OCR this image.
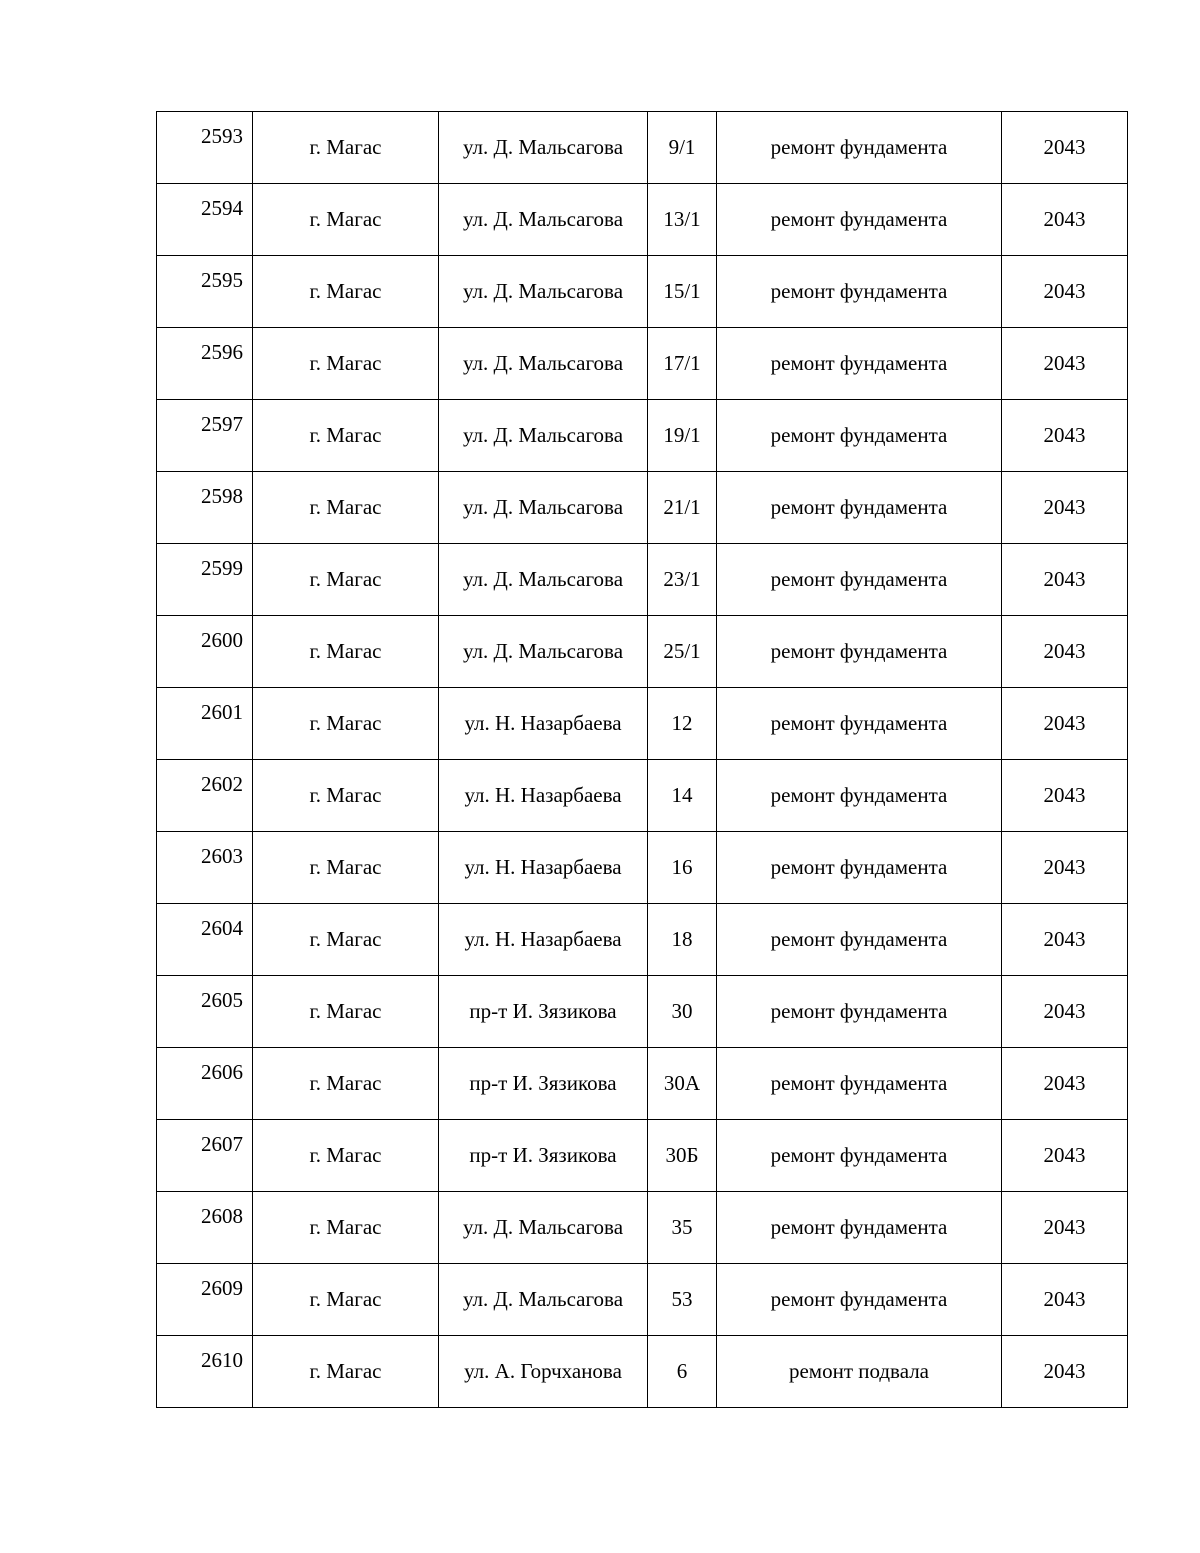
2593	г. Магас	ул. Д. Мальсагова	9/1	ремонт фундамента	2043
2594	г. Магас	ул. Д. Мальсагова	13/1	ремонт фундамента	2043
2595	г. Магас	ул. Д. Мальсагова	15/1	ремонт фундамента	2043
2596	г. Магас	ул. Д. Мальсагова	17/1	ремонт фундамента	2043
2597	г. Магас	ул. Д. Мальсагова	19/1	ремонт фундамента	2043
2598	г. Магас	ул. Д. Мальсагова	21/1	ремонт фундамента	2043
2599	г. Магас	ул. Д. Мальсагова	23/1	ремонт фундамента	2043
2600	г. Магас	ул. Д. Мальсагова	25/1	ремонт фундамента	2043
2601	г. Магас	ул. Н. Назарбаева	12	ремонт фундамента	2043
2602	г. Магас	ул. Н. Назарбаева	14	ремонт фундамента	2043
2603	г. Магас	ул. Н. Назарбаева	16	ремонт фундамента	2043
2604	г. Магас	ул. Н. Назарбаева	18	ремонт фундамента	2043
2605	г. Магас	пр-т И. Зязикова	30	ремонт фундамента	2043
2606	г. Магас	пр-т И. Зязикова	30А	ремонт фундамента	2043
2607	г. Магас	пр-т И. Зязикова	30Б	ремонт фундамента	2043
2608	г. Магас	ул. Д. Мальсагова	35	ремонт фундамента	2043
2609	г. Магас	ул. Д. Мальсагова	53	ремонт фундамента	2043
2610	г. Магас	ул. А. Горчханова	6	ремонт подвала	2043
